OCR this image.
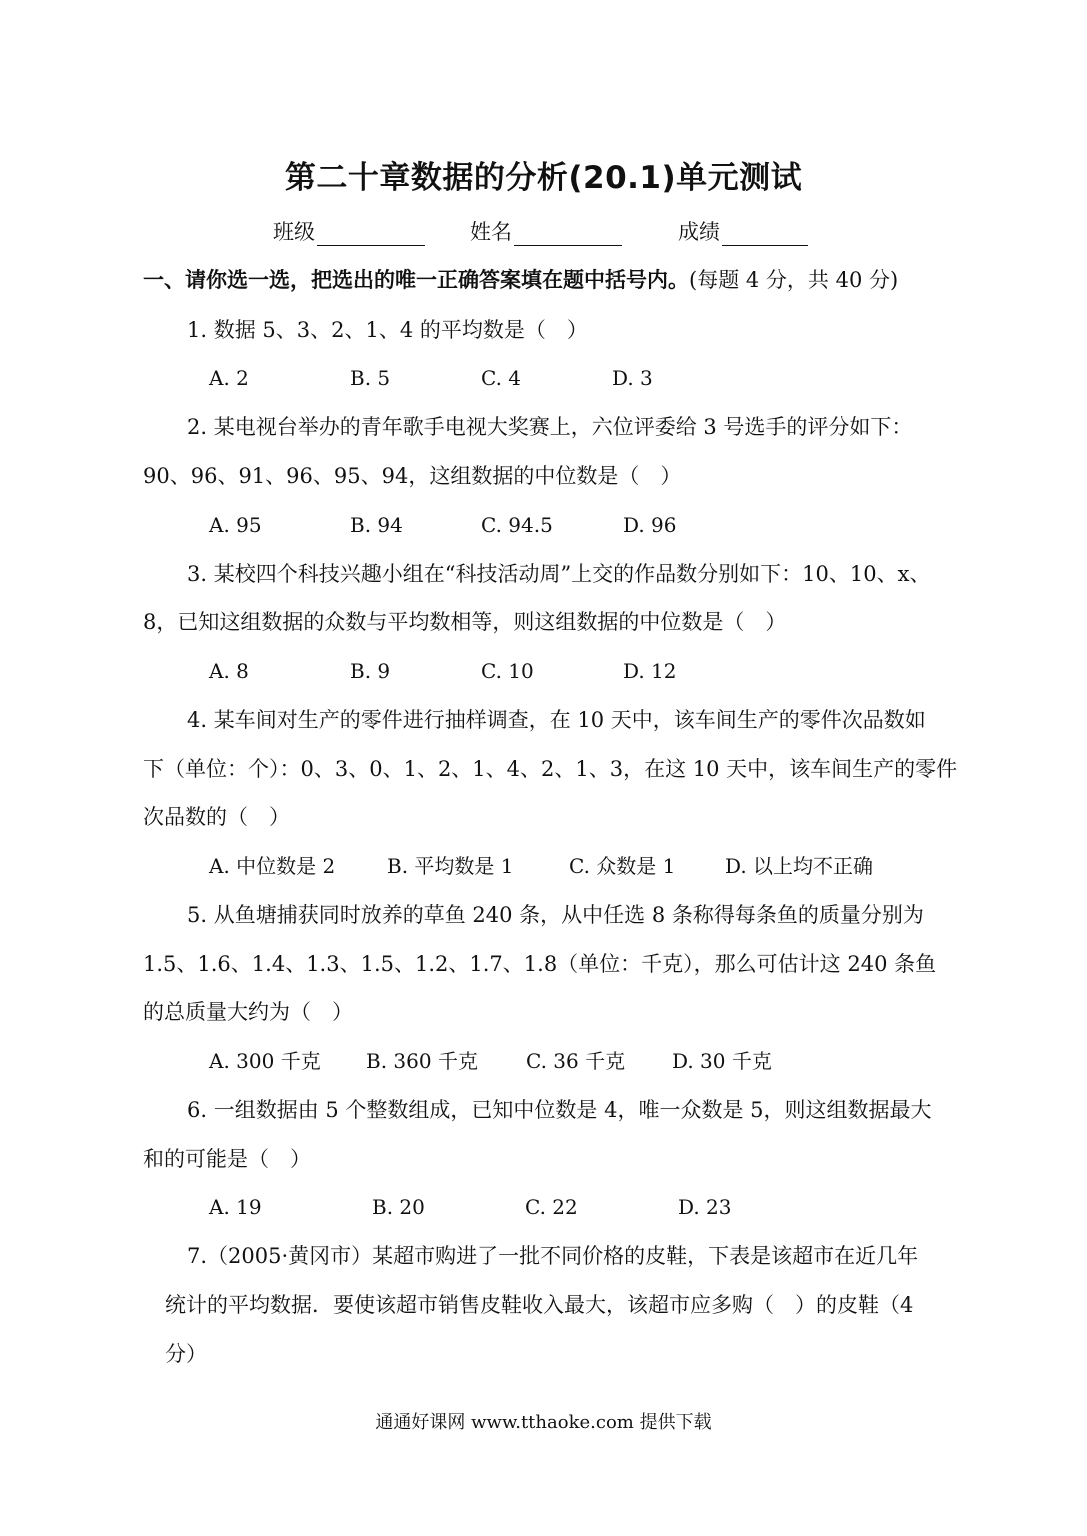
第二十章数据的分析(20.1)单元测试
班级	姓名	成绩
一、请你选一选，把选出的唯一正确答案填在题中括号内。(每题 4 分，共 40 分)
1. 数据 5、3、2、1、4 的平均数是（　）
A. 2	B. 5	C. 4	D. 3
2. 某电视台举办的青年歌手电视大奖赛上，六位评委给 3 号选手的评分如下：
90、96、91、96、95、94，这组数据的中位数是（　）
A. 95	B. 94	C. 94.5	D. 96
3. 某校四个科技兴趣小组在“科技活动周”上交的作品数分别如下：10、10、x、
8，已知这组数据的众数与平均数相等，则这组数据的中位数是（　）
A. 8	B. 9	C. 10	D. 12
4. 某车间对生产的零件进行抽样调查，在 10 天中，该车间生产的零件次品数如
下（单位：个）：0、3、0、1、2、1、4、2、1、3，在这 10 天中，该车间生产的零件
次品数的（　）
A. 中位数是 2	B. 平均数是 1	C. 众数是 1 D. 以上均不正确
5. 从鱼塘捕获同时放养的草鱼 240 条，从中任选 8 条称得每条鱼的质量分别为
1.5、1.6、1.4、1.3、1.5、1.2、1.7、1.8（单位：千克），那么可估计这 240 条鱼
的总质量大约为（　）
A. 300 千克 B. 360 千克 C. 36 千克 D. 30 千克
6. 一组数据由 5 个整数组成，已知中位数是 4，唯一众数是 5，则这组数据最大
和的可能是（　）
A. 19	B. 20	C. 22	D. 23
7.（2005·黄冈市）某超市购进了一批不同价格的皮鞋，下表是该超市在近几年
统计的平均数据．要使该超市销售皮鞋收入最大，该超市应多购（　）的皮鞋（4
分）
通通好课网 www.tthaoke.com 提供下载
